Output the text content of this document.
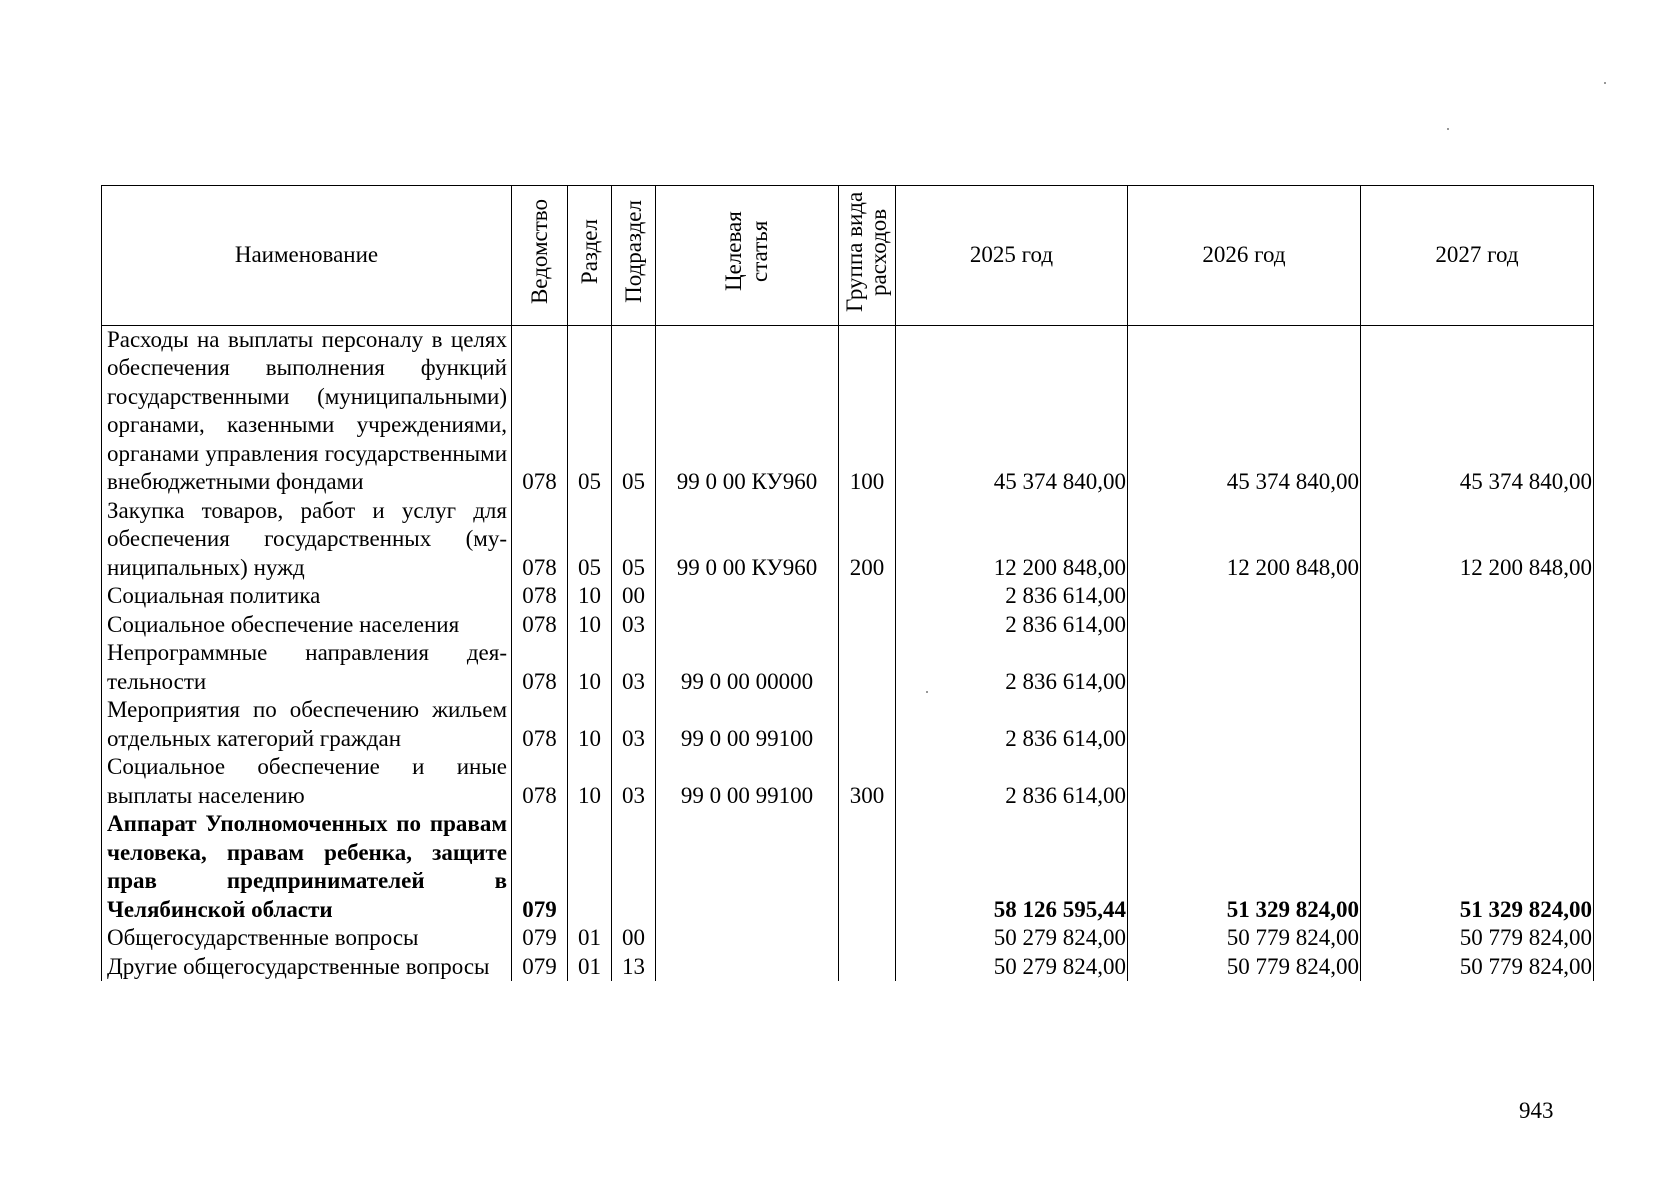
Наименование	Ведомство	Раздел	Подраздел	Целевая статья	Группа вида расходов	2025 год	2026 год	2027 год

Расходы на выплаты персоналу в целях обеспечения выполнения функций государственными (муниципальными) органами, казенными учреждениями, органами управления государственными внебюджетными фондами	078	05	05	99 0 00 КУ960	100	45 374 840,00	45 374 840,00	45 374 840,00
Закупка товаров, работ и услуг для обеспечения государственных (муниципальных) нужд	078	05	05	99 0 00 КУ960	200	12 200 848,00	12 200 848,00	12 200 848,00
Социальная политика	078	10	00			2 836 614,00		
Социальное обеспечение населения	078	10	03			2 836 614,00		
Непрограммные направления деятельности	078	10	03	99 0 00 00000		2 836 614,00		
Мероприятия по обеспечению жильем отдельных категорий граждан	078	10	03	99 0 00 99100		2 836 614,00		
Социальное обеспечение и иные выплаты населению	078	10	03	99 0 00 99100	300	2 836 614,00		
Аппарат Уполномоченных по правам человека, правам ребенка, защите прав предпринимателей в Челябинской области	079					58 126 595,44	51 329 824,00	51 329 824,00
Общегосударственные вопросы	079	01	00			50 279 824,00	50 779 824,00	50 779 824,00
Другие общегосударственные вопросы	079	01	13			50 279 824,00	50 779 824,00	50 779 824,00
943
